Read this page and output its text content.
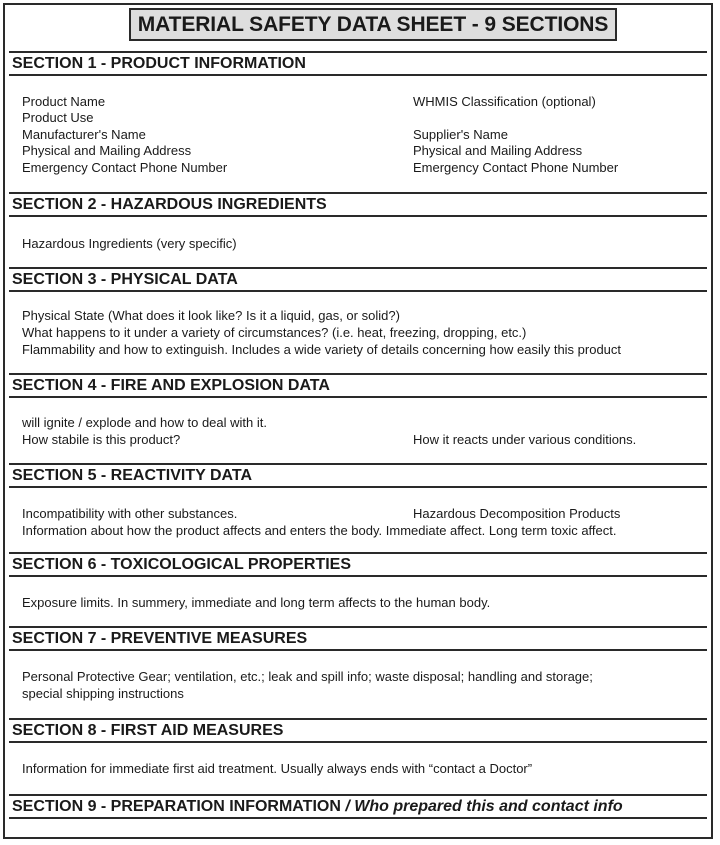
MATERIAL SAFETY DATA SHEET - 9 SECTIONS
SECTION 1 - PRODUCT INFORMATION
Product Name
Product Use
Manufacturer's Name
Physical and Mailing Address
Emergency Contact Phone Number
WHMIS Classification (optional)
Supplier's Name
Physical and Mailing Address
Emergency Contact Phone Number
SECTION 2 - HAZARDOUS INGREDIENTS
Hazardous Ingredients (very specific)
SECTION 3 - PHYSICAL DATA
Physical State (What does it look like? Is it a liquid, gas, or solid?)
What happens to it under a variety of circumstances? (i.e. heat, freezing, dropping, etc.)
Flammability and how to extinguish. Includes a wide variety of details concerning how easily this product
SECTION 4 - FIRE AND EXPLOSION DATA
will ignite / explode and how to deal with it.
How stabile is this product?	How it reacts under various conditions.
SECTION 5 - REACTIVITY DATA
Incompatibility with other substances.
Information about how the product affects and enters the body. Immediate affect. Long term toxic affect.
Hazardous Decomposition Products
SECTION 6 - TOXICOLOGICAL PROPERTIES
Exposure limits. In summery, immediate and long term affects to the human body.
SECTION 7 - PREVENTIVE MEASURES
Personal Protective Gear; ventilation, etc.; leak and spill info; waste disposal; handling and storage;
special shipping instructions
SECTION 8 - FIRST AID MEASURES
Information for immediate first aid treatment. Usually always ends with “contact a Doctor”
SECTION 9 - PREPARATION INFORMATION / Who prepared this and contact info
